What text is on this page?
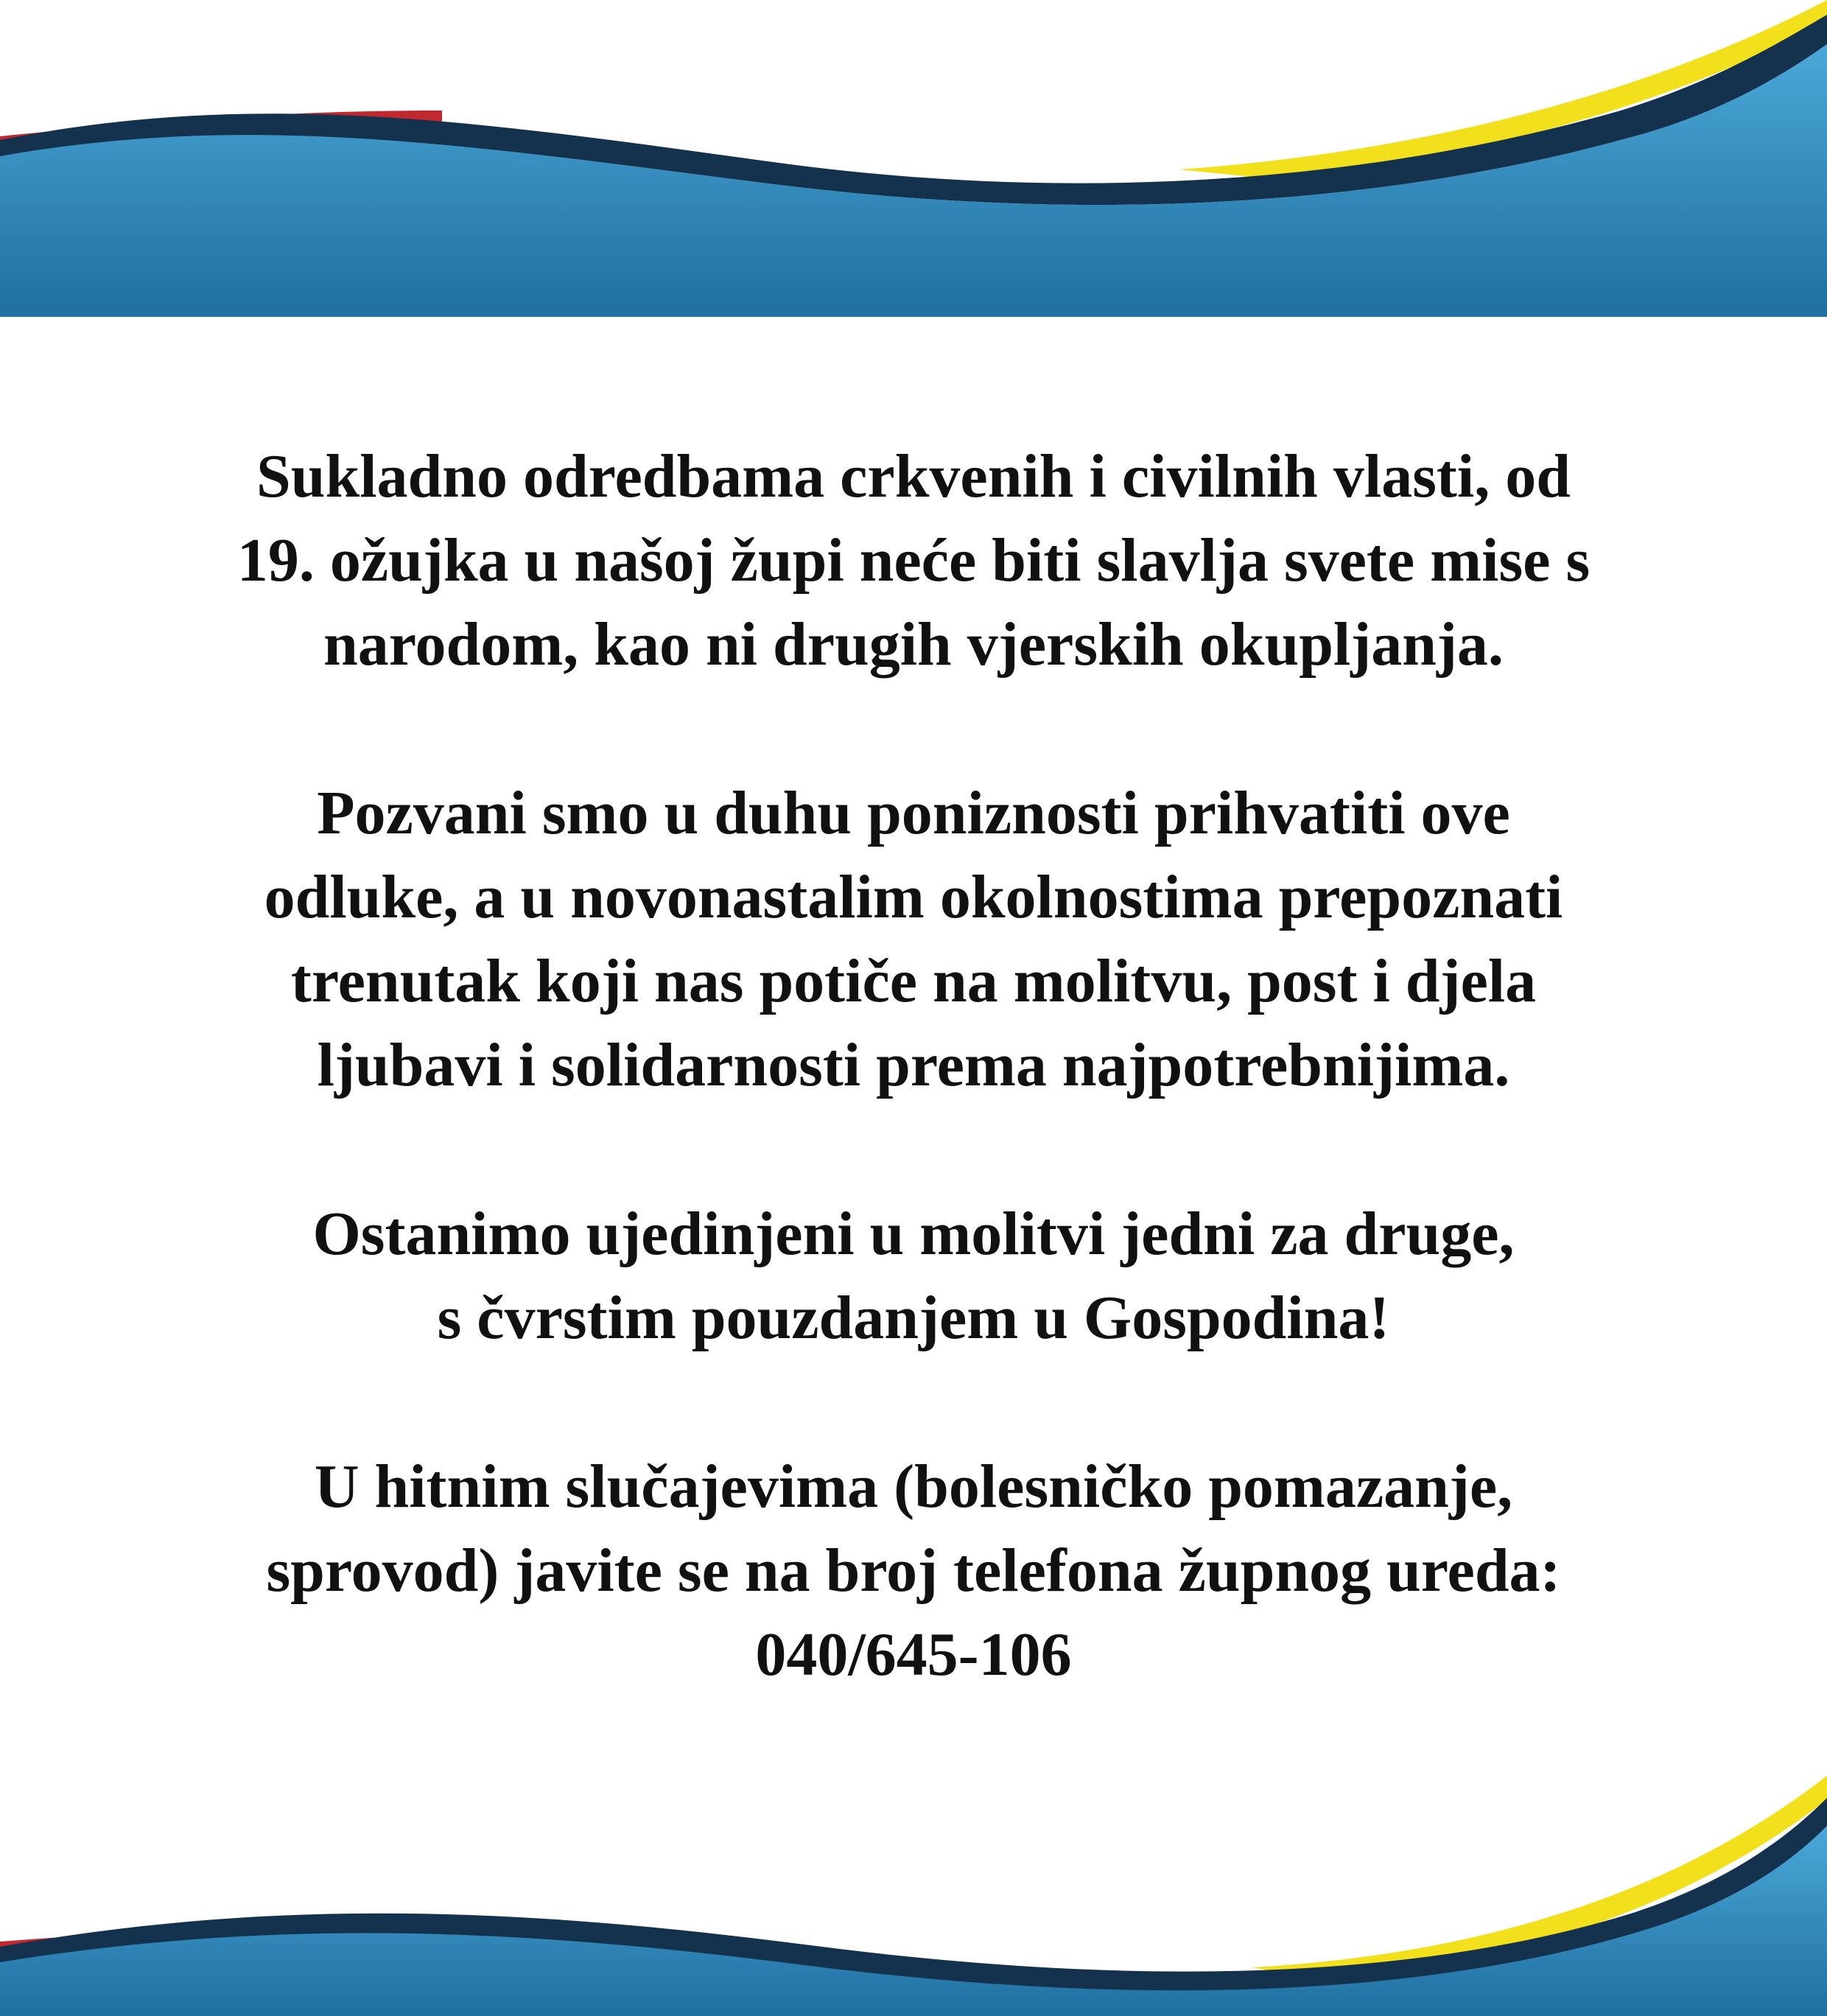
Sukladno odredbama crkvenih i civilnih vlasti, od
19. ožujka u našoj župi neće biti slavlja svete mise s
narodom, kao ni drugih vjerskih okupljanja.

Pozvani smo u duhu poniznosti prihvatiti ove
odluke, a u novonastalim okolnostima prepoznati
trenutak koji nas potiče na molitvu, post i djela
ljubavi i solidarnosti prema najpotrebnijima.

Ostanimo ujedinjeni u molitvi jedni za druge,
s čvrstim pouzdanjem u Gospodina!

U hitnim slučajevima (bolesničko pomazanje,
sprovod) javite se na broj telefona župnog ureda:
040/645-106
